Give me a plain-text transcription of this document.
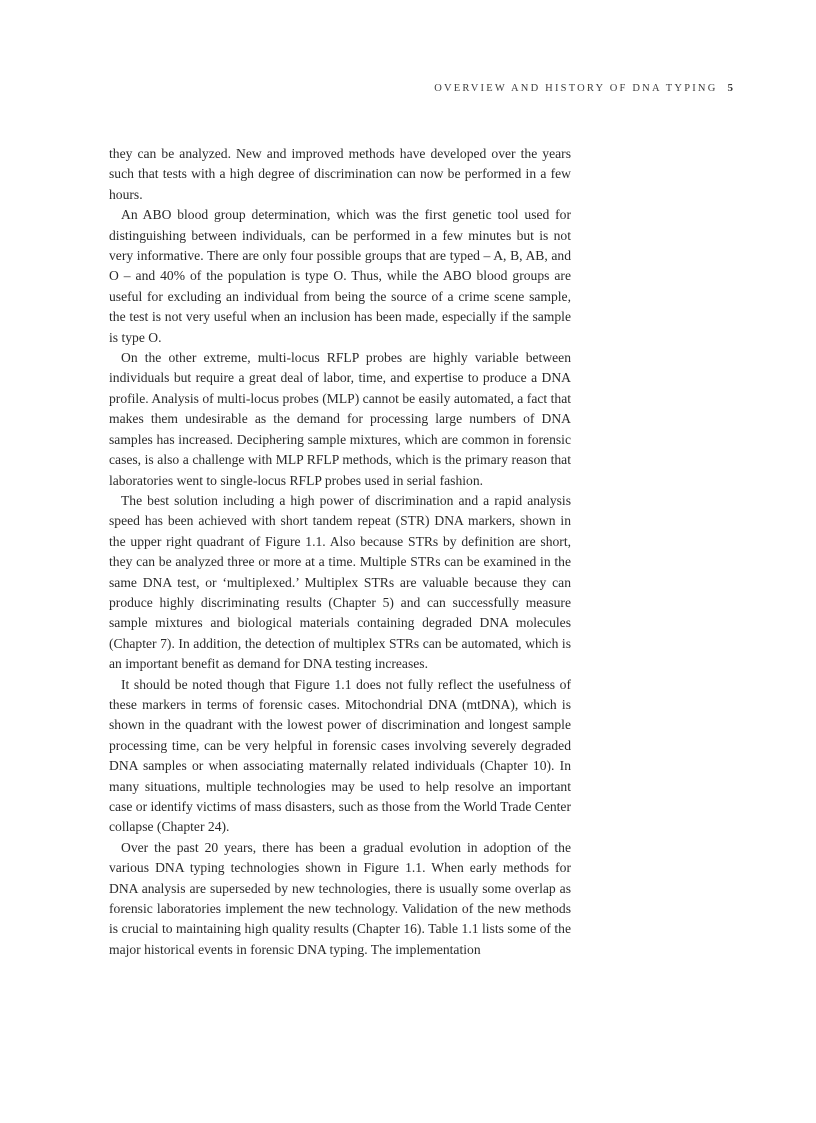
OVERVIEW AND HISTORY OF DNA TYPING 5

they can be analyzed. New and improved methods have developed over the years such that tests with a high degree of discrimination can now be performed in a few hours.

An ABO blood group determination, which was the first genetic tool used for distinguishing between individuals, can be performed in a few minutes but is not very informative. There are only four possible groups that are typed – A, B, AB, and O – and 40% of the population is type O. Thus, while the ABO blood groups are useful for excluding an individual from being the source of a crime scene sample, the test is not very useful when an inclusion has been made, especially if the sample is type O.

On the other extreme, multi-locus RFLP probes are highly variable between individuals but require a great deal of labor, time, and expertise to produce a DNA profile. Analysis of multi-locus probes (MLP) cannot be easily automated, a fact that makes them undesirable as the demand for processing large numbers of DNA samples has increased. Deciphering sample mixtures, which are common in forensic cases, is also a challenge with MLP RFLP methods, which is the primary reason that laboratories went to single-locus RFLP probes used in serial fashion.

The best solution including a high power of discrimination and a rapid analysis speed has been achieved with short tandem repeat (STR) DNA markers, shown in the upper right quadrant of Figure 1.1. Also because STRs by definition are short, they can be analyzed three or more at a time. Multiple STRs can be examined in the same DNA test, or ‘multiplexed.’ Multiplex STRs are valuable because they can produce highly discriminating results (Chapter 5) and can successfully measure sample mixtures and biological materials containing degraded DNA molecules (Chapter 7). In addition, the detection of multiplex STRs can be automated, which is an important benefit as demand for DNA testing increases.

It should be noted though that Figure 1.1 does not fully reflect the usefulness of these markers in terms of forensic cases. Mitochondrial DNA (mtDNA), which is shown in the quadrant with the lowest power of discrimination and longest sample processing time, can be very helpful in forensic cases involving severely degraded DNA samples or when associating maternally related individuals (Chapter 10). In many situations, multiple technologies may be used to help resolve an important case or identify victims of mass disasters, such as those from the World Trade Center collapse (Chapter 24).

Over the past 20 years, there has been a gradual evolution in adoption of the various DNA typing technologies shown in Figure 1.1. When early methods for DNA analysis are superseded by new technologies, there is usually some overlap as forensic laboratories implement the new technology. Validation of the new methods is crucial to maintaining high quality results (Chapter 16). Table 1.1 lists some of the major historical events in forensic DNA typing. The implementation
